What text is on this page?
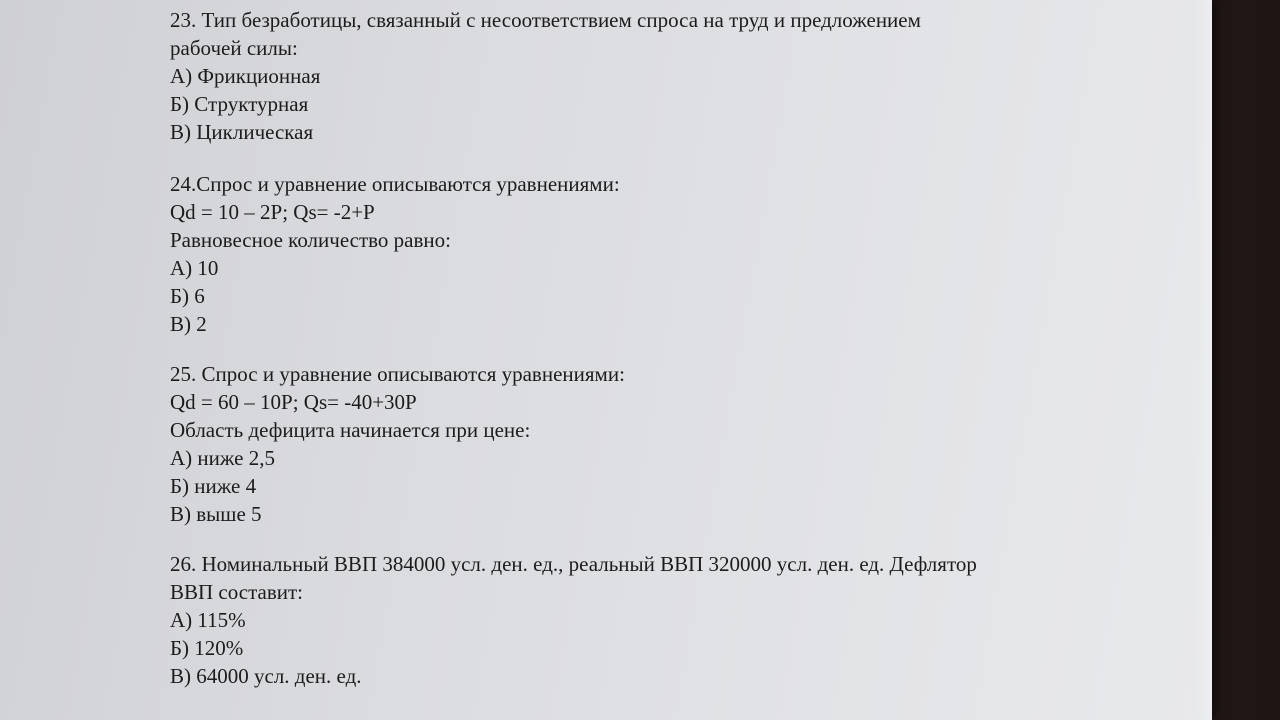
23. Тип безработицы, связанный с несоответствием спроса на труд и предложением
рабочей силы:
А) Фрикционная
Б) Структурная
В) Циклическая
24.Спрос и уравнение описываются уравнениями:
Qd = 10 – 2P; Qs= -2+P
Равновесное количество равно:
А) 10
Б) 6
В) 2
25. Спрос и уравнение описываются уравнениями:
Qd = 60 – 10P; Qs= -40+30P
Область дефицита начинается при цене:
А) ниже 2,5
Б) ниже 4
В) выше 5
26. Номинальный ВВП 384000 усл. ден. ед., реальный ВВП 320000 усл. ден. ед. Дефлятор
ВВП составит:
А) 115%
Б) 120%
В) 64000 усл. ден. ед.
